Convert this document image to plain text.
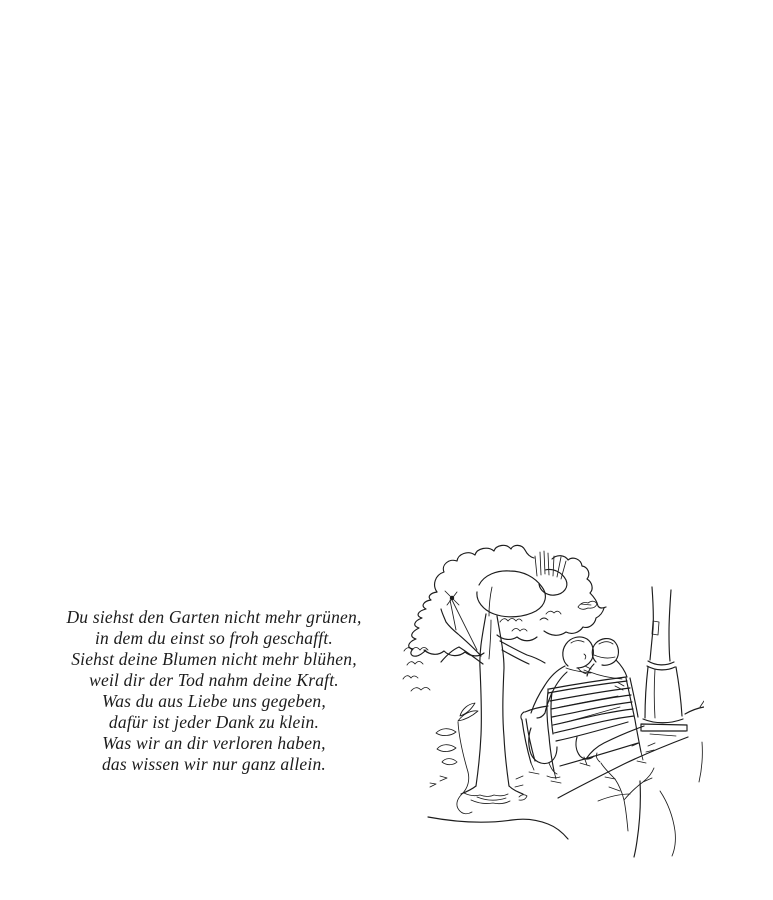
Du siehst den Garten nicht mehr grünen,
in dem du einst so froh geschafft.
Siehst deine Blumen nicht mehr blühen,
weil dir der Tod nahm deine Kraft.
Was du aus Liebe uns gegeben,
dafür ist jeder Dank zu klein.
Was wir an dir verloren haben,
das wissen wir nur ganz allein.
